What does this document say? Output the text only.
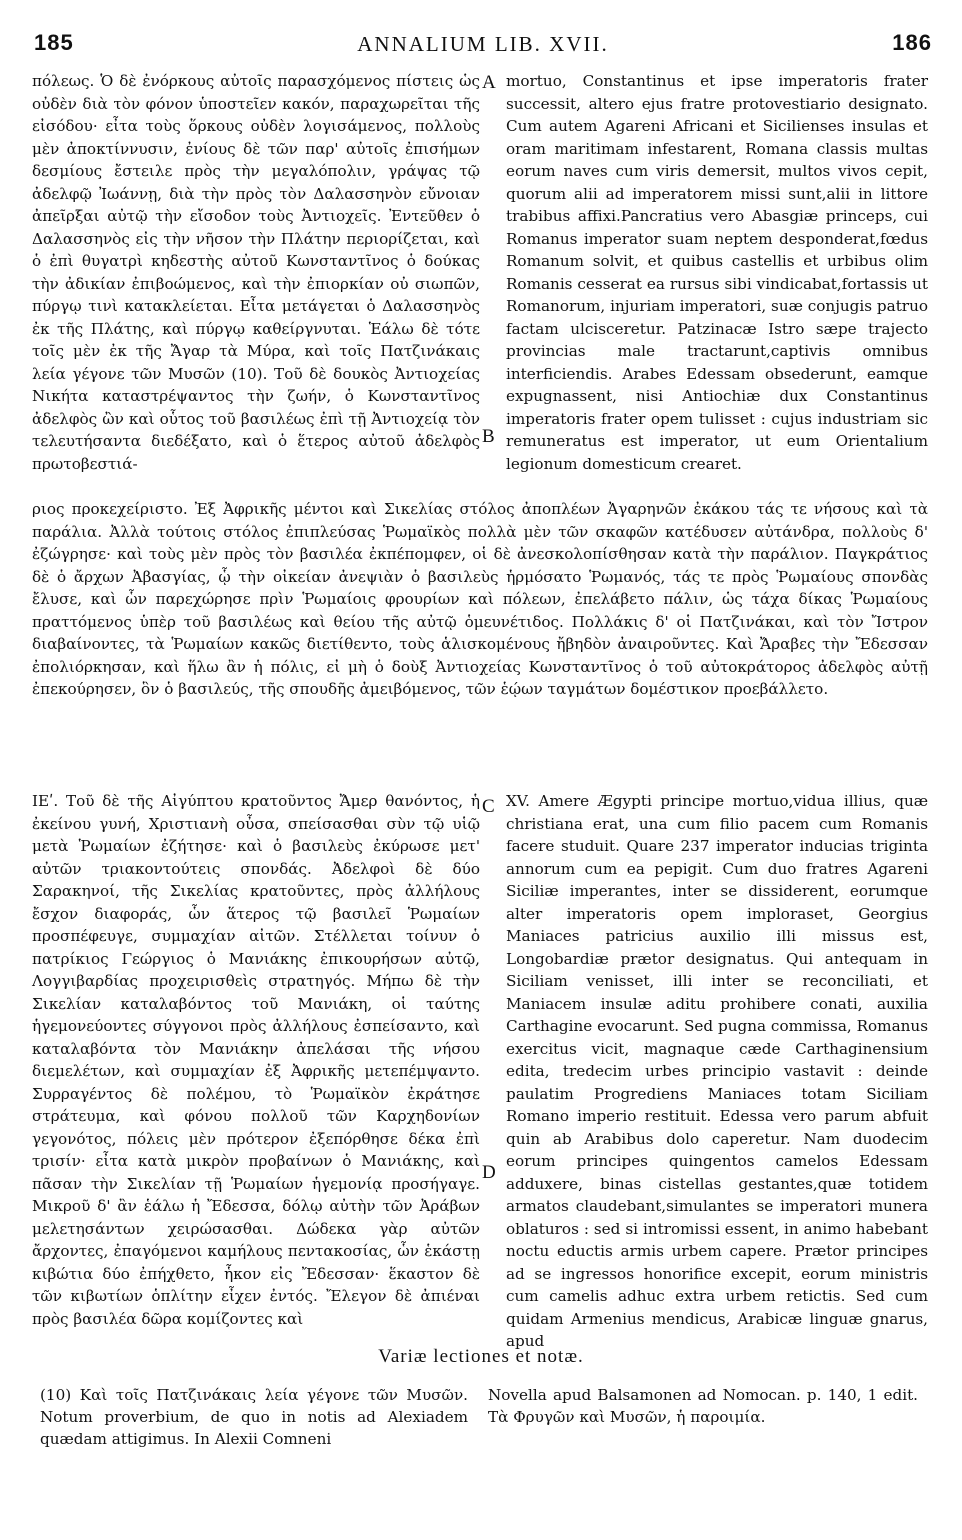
185	ANNALIUM LIB. XVII.	186
A
B
C
D

πόλεως. Ὁ δὲ ἐνόρκους αὐτοῖς παρασχόμενος πίστεις ὡς οὐδὲν διὰ τὸν φόνον ὑποστεῖεν κακόν, παραχωρεῖται τῆς εἰσόδου· εἶτα τοὺς ὅρκους οὐδὲν λογισάμενος, πολλοὺς μὲν ἀποκτίννυσιν, ἐνίους δὲ τῶν παρ' αὐτοῖς ἐπισήμων δεσμίους ἔστειλε πρὸς τὴν μεγαλόπολιν, γράψας τῷ ἀδελφῷ Ἰωάννῃ, διὰ τὴν πρὸς τὸν Δαλασσηνὸν εὔνοιαν ἀπεῖρξαι αὐτῷ τὴν εἴσοδον τοὺς Ἀντιοχεῖς. Ἐντεῦθεν ὁ Δαλασσηνὸς εἰς τὴν νῆσον τὴν Πλάτην περιορίζεται, καὶ ὁ ἐπὶ θυγατρὶ κηδεστὴς αὐτοῦ Κωνσταντῖνος ὁ δούκας τὴν ἀδικίαν ἐπιβοώμενος, καὶ τὴν ἐπιορκίαν οὐ σιωπῶν, πύργῳ τινὶ κατακλείεται. Εἶτα μετάγεται ὁ Δαλασσηνὸς ἐκ τῆς Πλάτης, καὶ πύργῳ καθείργνυται. Ἑάλω δὲ τότε τοῖς μὲν ἐκ τῆς Ἄγαρ τὰ Μύρα, καὶ τοῖς Πατζινάκαις λεία γέγονε τῶν Μυσῶν (10). Τοῦ δὲ δουκὸς Ἀντιοχείας Νικήτα καταστρέψαντος τὴν ζωήν, ὁ Κωνσταντῖνος ἀδελφὸς ὢν καὶ οὗτος τοῦ βασιλέως ἐπὶ τῇ Ἀντιοχείᾳ τὸν τελευτήσαντα διεδέξατο, καὶ ὁ ἕτερος αὐτοῦ ἀδελφὸς πρωτοβεστιά-

mortuo, Constantinus et ipse imperatoris frater successit, altero ejus fratre protovestiario designato. Cum autem Agareni Africani et Sicilienses insulas et oram maritimam infestarent, Romana classis multas eorum naves cum viris demersit, multos vivos cepit, quorum alii ad imperatorem missi sunt,alii in littore trabibus affixi.Pancratius vero Abasgiæ princeps, cui Romanus imperator suam neptem desponderat,fœdus Romanum solvit, et quibus castellis et urbibus olim Romanis cesserat ea rursus sibi vindicabat,fortassis ut Romanorum, injuriam imperatori, suæ conjugis patruo factam ulcisceretur. Patzinacæ Istro sæpe trajecto provincias male tractarunt,captivis omnibus interficiendis. Arabes Edessam obsederunt, eamque expugnassent, nisi Antiochiæ dux Constantinus imperatoris frater opem tulisset : cujus industriam sic remuneratus est imperator, ut eum Orientalium legionum domesticum crearet.

ριος προκεχείριστο. Ἐξ Ἀφρικῆς μέντοι καὶ Σικελίας στόλος ἀποπλέων Ἀγαρηνῶν ἐκάκου τάς τε νήσους καὶ τὰ παράλια. Ἀλλὰ τούτοις στόλος ἐπιπλεύσας Ῥωμαϊκὸς πολλὰ μὲν τῶν σκαφῶν κατέδυσεν αὐτάνδρα, πολλοὺς δ' ἐζώγρησε· καὶ τοὺς μὲν πρὸς τὸν βασιλέα ἐκπέπομφεν, οἱ δὲ ἀνεσκολοπίσθησαν κατὰ τὴν παράλιον. Παγκράτιος δὲ ὁ ἄρχων Ἀβασγίας, ᾧ τὴν οἰκείαν ἀνεψιὰν ὁ βασιλεὺς ἡρμόσατο Ῥωμανός, τάς τε πρὸς Ῥωμαίους σπονδὰς ἔλυσε, καὶ ὧν παρεχώρησε πρὶν Ῥωμαίοις φρουρίων καὶ πόλεων, ἐπελάβετο πάλιν, ὡς τάχα δίκας Ῥωμαίους πραττόμενος ὑπὲρ τοῦ βασιλέως καὶ θείου τῆς αὐτῷ ὁμευνέτιδος. Πολλάκις δ' οἱ Πατζινάκαι, καὶ τὸν Ἴστρον διαβαίνοντες, τὰ Ῥωμαίων κακῶς διετίθεντο, τοὺς ἁλισκομένους ἤβηδὸν ἀναιροῦντες. Καὶ Ἄραβες τὴν Ἔδεσσαν ἐπολιόρκησαν, καὶ ἥλω ἂν ἡ πόλις, εἰ μὴ ὁ δοὺξ Ἀντιοχείας Κωνσταντῖνος ὁ τοῦ αὐτοκράτορος ἀδελφὸς αὐτῇ ἐπεκούρησεν, ὃν ὁ βασιλεύς, τῆς σπουδῆς ἀμειβόμενος, τῶν ἑῴων ταγμάτων δομέστικον προεβάλλετο.

ΙΕʹ. Τοῦ δὲ τῆς Αἰγύπτου κρατοῦντος Ἄμερ θανόντος, ἡ ἐκείνου γυνή, Χριστιανὴ οὖσα, σπείσασθαι σὺν τῷ υἱῷ μετὰ Ῥωμαίων ἐζήτησε· καὶ ὁ βασιλεὺς ἐκύρωσε μετ' αὐτῶν τριακοντούτεις σπονδάς. Ἀδελφοὶ δὲ δύο Σαρακηνοί, τῆς Σικελίας κρατοῦντες, πρὸς ἀλλήλους ἔσχον διαφοράς, ὧν ἅτερος τῷ βασιλεῖ Ῥωμαίων προσπέφευγε, συμμαχίαν αἰτῶν. Στέλλεται τοίνυν ὁ πατρίκιος Γεώργιος ὁ Μανιάκης ἐπικουρήσων αὐτῷ, Λογγιβαρδίας προχειρισθεὶς στρατηγός. Μήπω δὲ τὴν Σικελίαν καταλαβόντος τοῦ Μανιάκη, οἱ ταύτης ἡγεμονεύοντες σύγγονοι πρὸς ἀλλήλους ἐσπείσαντο, καὶ καταλαβόντα τὸν Μανιάκην ἀπελάσαι τῆς νήσου διεμελέτων, καὶ συμμαχίαν ἐξ Ἀφρικῆς μετεπέμψαντο. Συρραγέντος δὲ πολέμου, τὸ Ῥωμαϊκὸν ἐκράτησε στράτευμα, καὶ φόνου πολλοῦ τῶν Καρχηδονίων γεγονότος, πόλεις μὲν πρότερον ἐξεπόρθησε δέκα ἐπὶ τρισίν· εἶτα κατὰ μικρὸν προβαίνων ὁ Μανιάκης, καὶ πᾶσαν τὴν Σικελίαν τῇ Ῥωμαίων ἡγεμονίᾳ προσήγαγε. Μικροῦ δ' ἂν ἑάλω ἡ Ἔδεσσα, δόλῳ αὐτὴν τῶν Ἀράβων μελετησάντων χειρώσασθαι. Δώδεκα γὰρ αὐτῶν ἄρχοντες, ἐπαγόμενοι καμήλους πεντακοσίας, ὧν ἑκάστῃ κιβώτια δύο ἐπήχθετο, ἧκον εἰς Ἔδεσσαν· ἕκαστον δὲ τῶν κιβωτίων ὁπλίτην εἶχεν ἐντός. Ἔλεγον δὲ ἀπιέναι πρὸς βασιλέα δῶρα κομίζοντες καὶ

XV. Amere Ægypti principe mortuo,vidua illius, quæ christiana erat, una cum filio pacem cum Romanis facere studuit. Quare 237 imperator inducias triginta annorum cum ea pepigit. Cum duo fratres Agareni Siciliæ imperantes, inter se dissiderent, eorumque alter imperatoris opem imploraset, Georgius Maniaces patricius auxilio illi missus est, Longobardiæ prætor designatus. Qui antequam in Siciliam venisset, illi inter se reconciliati, et Maniacem insulæ aditu prohibere conati, auxilia Carthagine evocarunt. Sed pugna commissa, Romanus exercitus vicit, magnaque cæde Carthaginensium edita, tredecim urbes principio vastavit : deinde paulatim Progrediens Maniaces totam Siciliam Romano imperio restituit. Edessa vero parum abfuit quin ab Arabibus dolo caperetur. Nam duodecim eorum principes quingentos camelos Edessam adduxere, binas cistellas gestantes,quæ totidem armatos claudebant,simulantes se imperatori munera oblaturos : sed si intromissi essent, in animo habebant noctu eductis armis urbem capere. Prætor principes ad se ingressos honorifice excepit, eorum ministris cum camelis adhuc extra urbem retictis. Sed cum quidam Armenius mendicus, Arabicæ linguæ gnarus, apud

Variæ lectiones et notæ.

(10) Καὶ τοῖς Πατζινάκαις λεία γέγονε τῶν Μυσῶν. Notum proverbium, de quo in notis ad Alexiadem quædam attigimus. In Alexii Comneni

Novella apud Balsamonen ad Nomocan. p. 140, 1 edit. Τὰ Φρυγῶν καὶ Μυσῶν, ἡ παροιμία.
